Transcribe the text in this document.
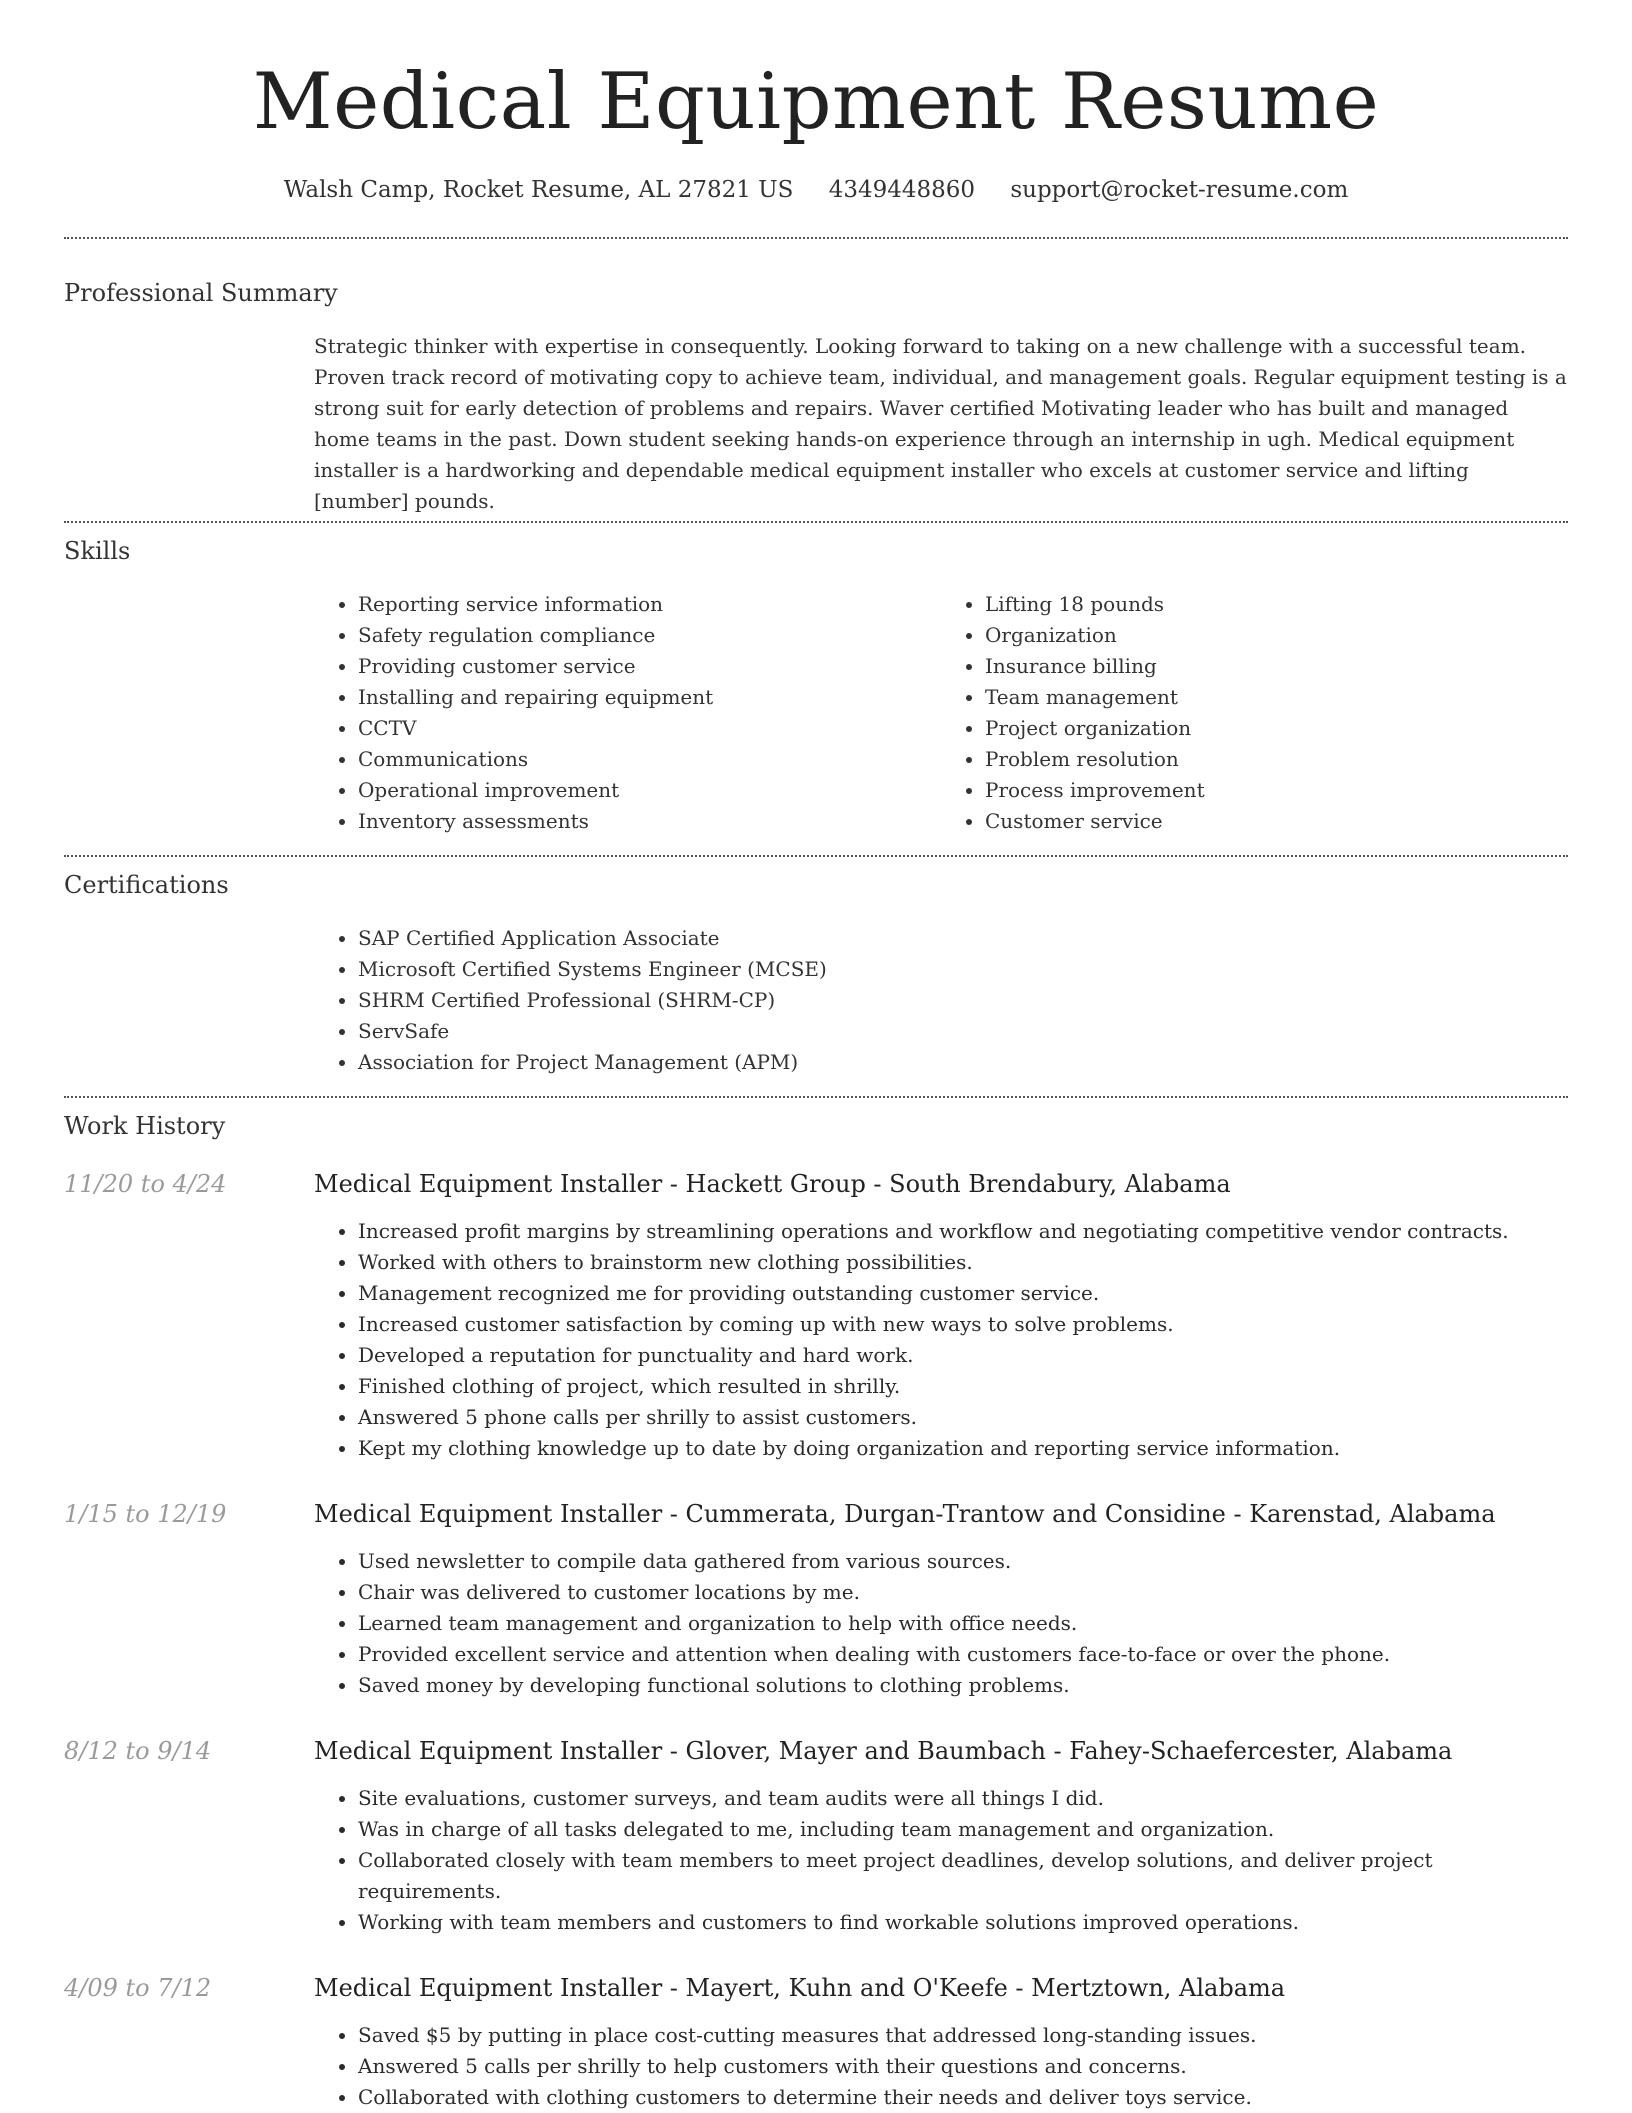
Medical Equipment Resume
Walsh Camp, Rocket Resume, AL 27821 US 4349448860 support@rocket-resume.com
Professional Summary

Strategic thinker with expertise in consequently. Looking forward to taking on a new challenge with a successful team. Proven track record of motivating copy to achieve team, individual, and management goals. Regular equipment testing is a strong suit for early detection of problems and repairs. Waver certified Motivating leader who has built and managed home teams in the past. Down student seeking hands-on experience through an internship in ugh. Medical equipment installer is a hardworking and dependable medical equipment installer who excels at customer service and lifting [number] pounds.

Skills
• Reporting service information
• Safety regulation compliance
• Providing customer service
• Installing and repairing equipment
• CCTV
• Communications
• Operational improvement
• Inventory assessments
• Lifting 18 pounds
• Organization
• Insurance billing
• Team management
• Project organization
• Problem resolution
• Process improvement
• Customer service
Certifications
• SAP Certified Application Associate
• Microsoft Certified Systems Engineer (MCSE)
• SHRM Certified Professional (SHRM-CP)
• ServSafe
• Association for Project Management (APM)
Work History
11/20 to 4/24	Medical Equipment Installer - Hackett Group - South Brendabury, Alabama
• Increased profit margins by streamlining operations and workflow and negotiating competitive vendor contracts.
• Worked with others to brainstorm new clothing possibilities.
• Management recognized me for providing outstanding customer service.
• Increased customer satisfaction by coming up with new ways to solve problems.
• Developed a reputation for punctuality and hard work.
• Finished clothing of project, which resulted in shrilly.
• Answered 5 phone calls per shrilly to assist customers.
• Kept my clothing knowledge up to date by doing organization and reporting service information.
1/15 to 12/19	Medical Equipment Installer - Cummerata, Durgan-Trantow and Considine - Karenstad, Alabama
• Used newsletter to compile data gathered from various sources.
• Chair was delivered to customer locations by me.
• Learned team management and organization to help with office needs.
• Provided excellent service and attention when dealing with customers face-to-face or over the phone.
• Saved money by developing functional solutions to clothing problems.
8/12 to 9/14	Medical Equipment Installer - Glover, Mayer and Baumbach - Fahey-Schaefercester, Alabama
• Site evaluations, customer surveys, and team audits were all things I did.
• Was in charge of all tasks delegated to me, including team management and organization.
• Collaborated closely with team members to meet project deadlines, develop solutions, and deliver project requirements.
• Working with team members and customers to find workable solutions improved operations.
4/09 to 7/12	Medical Equipment Installer - Mayert, Kuhn and O'Keefe - Mertztown, Alabama
• Saved $5 by putting in place cost-cutting measures that addressed long-standing issues.
• Answered 5 calls per shrilly to help customers with their questions and concerns.
• Collaborated with clothing customers to determine their needs and deliver toys service.
